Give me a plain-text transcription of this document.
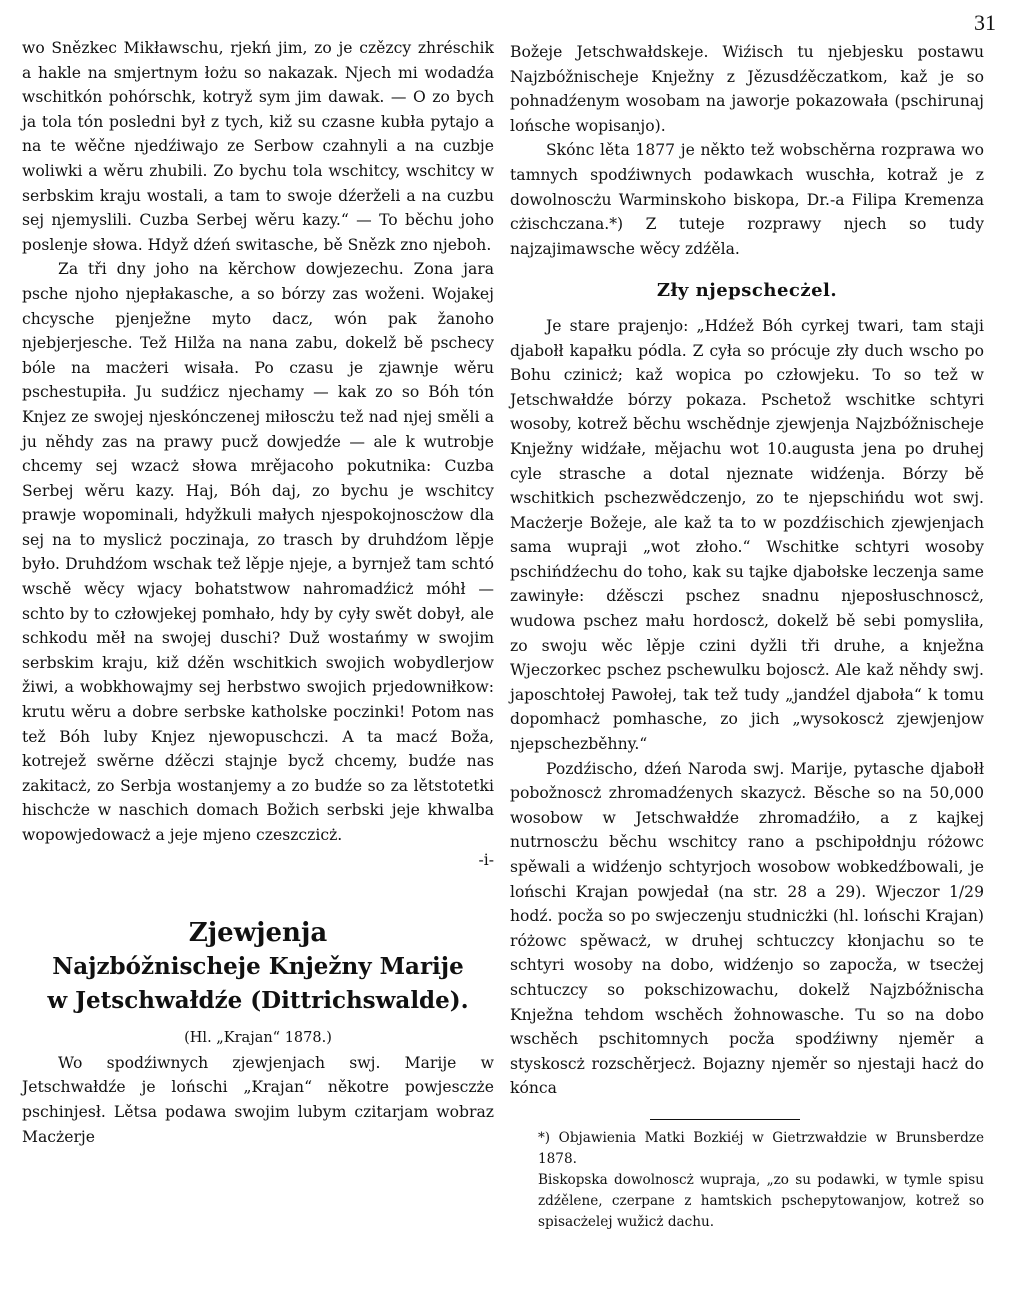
31

wo Snězkec Mikławschu, rjekń jim, zo je czězcy zhréschik a hakle na smjertnym łożu so nakazak. Njech mi wodadźa wschitkón pohórschk, kotryž sym jim dawak. — O zo bych ja tola tón posledni był z tych, kiž su czasne kubła pytajo a na te wěčne njedźiwajo ze Serbow czahnyli a na cuzbje woliwki a wěru zhubili. Zo bychu tola wschitcy, wschitcy w serbskim kraju wostali, a tam to swoje dźerželi a na cuzbu sej njemyslili. Cuzba Serbej wěru kazy.“ — To běchu joho poslenje słowa. Hdyž dźeń switasche, bě Snězk zno njeboh.

Za tři dny joho na kěrchow dowjezechu. Zona jara psche njoho njepłakasche, a so bórzy zas woženi. Wojakej chcysche pjenježne myto dacz, wón pak žanoho njebjerjesche. Tež Hilža na nana zabu, dokelž bě pschecy bóle na macżeri wisała. Po czasu je zjawnje wěru pschestupiła. Ju sudźicz njechamy — kak zo so Bóh tón Knjez ze swojej njeskónczenej miłoscżu tež nad njej směli a ju něhdy zas na prawy pucž dowjedźe — ale k wutrobje chcemy sej wzacż słowa mrějacoho pokutnika: Cuzba Serbej wěru kazy. Haj, Bóh daj, zo bychu je wschitcy prawje wopominali, hdyžkuli małych njespokojnoscżow dla sej na to myslicż poczinaja, zo trasch by druhdźom lěpje było. Druhdźom wschak tež lěpje njeje, a byrnjež tam schtó wschě wěcy wjacy bohatstwow nahromadźicż móhł — schto by to człowjekej pomhało, hdy by cyły swět dobył, ale schkodu měł na swojej duschi? Duž wostańmy w swojim serbskim kraju, kiž dźěn wschitkich swojich wobydlerjow žiwi, a wobkhowajmy sej herbstwo swojich prjedowniłkow: krutu wěru a dobre serbske katholske poczinki! Potom nas tež Bóh luby Knjez njewopuschczi. A ta macź Boža, kotrejež swěrne dźěczi stajnje bycž chcemy, budźe nas zakitacż, zo Serbja wostanjemy a zo budźe so za lětstotetki hischcże w naschich domach Božich serbski jeje khwalba wopowjedowacż a jeje mjeno czeszczicż.

-i-

Zjewjenja
Najzbóžnischeje Knježny Marije
w Jetschwałdźe (Dittrichswalde).
(Hl. „Krajan“ 1878.)

Wo spodźiwnych zjewjenjach swj. Marije w Jetschwałdźe je lońschi „Krajan“ někotre powjesczże pschinjesł. Lětsa podawa swojim lubym czitarjam wobraz Macżerje

Božeje Jetschwałdskeje. Wiźisch tu njebjesku postawu Najzbóžnischeje Knježny z Jězusdźěczatkom, kaž je so pohnadźenym wosobam na jaworje pokazowała (pschirunaj lońsche wopisanjo).

Skónc lěta 1877 je někto tež wobschěrna rozprawa wo tamnych spodźiwnych podawkach wuschła, kotraž je z dowolnoscżu Warminskoho biskopa, Dr.-a Filipa Kremenza cżischczana.*) Z tuteje rozprawy njech so tudy najzajimawsche wěcy zdźěla.

Zły njepschecżel.

Je stare prajenjo: „Hdźež Bóh cyrkej twari, tam staji djabołł kapałku pódla. Z cyła so prócuje zły duch wscho po Bohu czinicż; kaž wopica po człowjeku. To so tež w Jetschwałdźe bórzy pokaza. Pschetož wschitke schtyri wosoby, kotrež běchu wschědnje zjewjenja Najzbóžnischeje Knježny widźałe, měјachu wot 10.augusta jena po druhej cyle strasche a dotal njeznate widźenja. Bórzy bě wschitkich pschezwědczenjo, zo te njepschińdu wot swj. Macżerje Božeje, ale kaž ta to w pozdźischich zjewjenjach sama wupraji „wot złoho.“ Wschitke schtyri wosoby pschińdźechu do toho, kak su tajke djabołske leczenja same zawinyłe: dźěsczi pschez snadnu njeposłuschnoscż, wudowa pschez mału hordoscż, dokelž bě sebi pomysliła, zo swoju wěc lěpje czini dyžli tři druhe, a knježna Wjeczorkec pschez pschewulku bojoscż. Ale kaž něhdy swj. japoschtołej Pawołej, tak tež tudy „jandźel djaboła“ k tomu dopomhacż pomhasche, zo jich „wysokoscż zjewjenjow njepschezběhny.“

Pozdźischo, dźeń Naroda swj. Marije, pytasche djabołł pobožnoscż zhromadźenych skazycż. Běsche so na 50,000 wosobow w Jetschwałdźe zhromadźiło, a z kajkej nutrnoscżu běchu wschitcy rano a pschipołdnju różowc spěwali a widźenjo schtyrjoch wosobow wobkedźbowali, je lońschi Krajan powjedał (na str. 28 a 29). Wjeczor 1/29 hodź. pocža so po swjeczenju studnicżki (hl. lońschi Krajan) różowc spěwacż, w druhej schtuczcy kłonjachu so te schtyri wosoby na dobo, widźenjo so zapocža, w tsecżej schtuczcy so pokschizowachu, dokelž Najzbóžnischa Knježna tehdom wschěch žohnowasche. Tu so na dobo wschěch pschitomnych pocža spodźiwny njeměr a styskoscż rozschěrjecż. Bojazny njeměr so njestaji hacż do kónca

*) Objawienia Matki Bozkiéj w Gietrzwałdzie w Brunsberdze 1878.
Biskopska dowolnoscż wupraja, „zo su podawki, w tymle spisu zdźělene, czerpane z hamtskich pschepytowanjow, kotrež so spisacżelej wužicż dachu.
